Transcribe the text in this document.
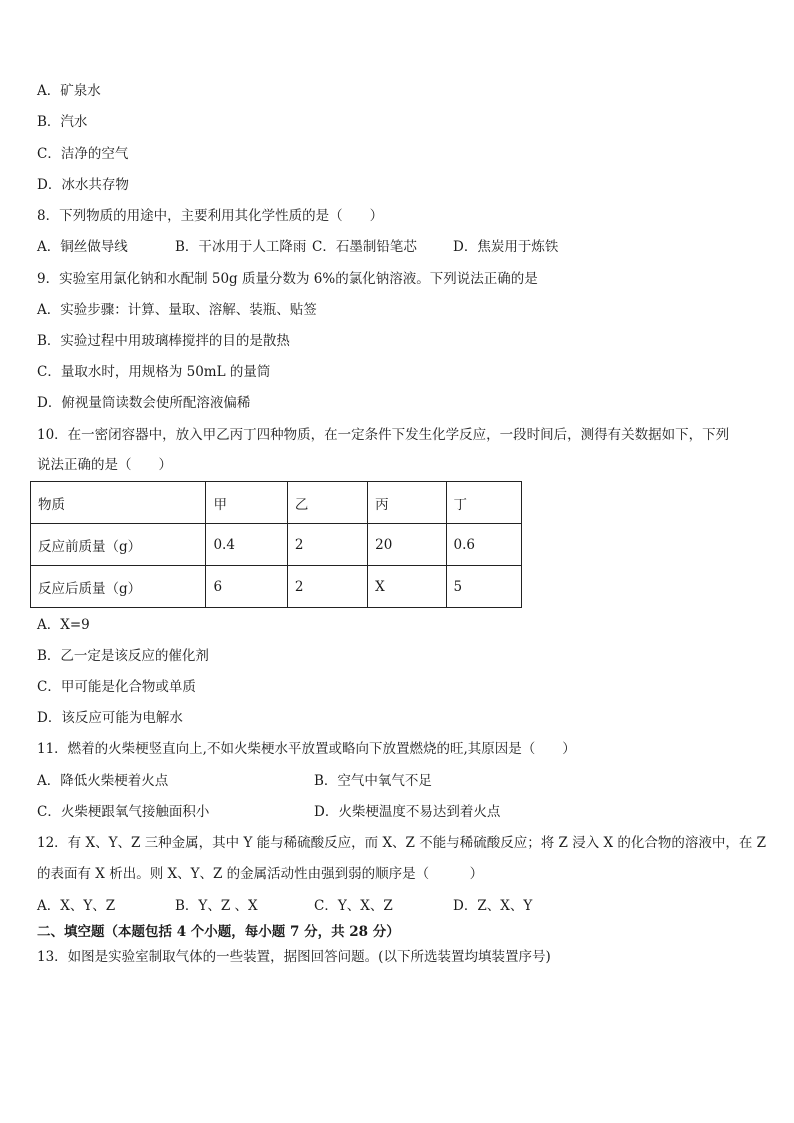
A．矿泉水
B．汽水
C．洁净的空气
D．冰水共存物
8．下列物质的用途中，主要利用其化学性质的是（　　）
A．铜丝做导线	B．干冰用于人工降雨 C．石墨制铅笔芯	D．焦炭用于炼铁
9．实验室用氯化钠和水配制 50g 质量分数为 6%的氯化钠溶液。下列说法正确的是
A．实验步骤：计算、量取、溶解、装瓶、贴签
B．实验过程中用玻璃棒搅拌的目的是散热
C．量取水时，用规格为 50mL 的量筒
D．俯视量筒读数会使所配溶液偏稀
10．在一密闭容器中，放入甲乙丙丁四种物质，在一定条件下发生化学反应，一段时间后，测得有关数据如下，下列
说法正确的是（　　）
物质	甲	乙	丙	丁
反应前质量（g）	0.4	2	20	0.6
反应后质量（g）	6	2	X	5
A．X=9
B．乙一定是该反应的催化剂
C．甲可能是化合物或单质
D．该反应可能为电解水
11．燃着的火柴梗竖直向上,不如火柴梗水平放置或略向下放置燃烧的旺,其原因是（　　）
A．降低火柴梗着火点	B．空气中氧气不足
C．火柴梗跟氧气接触面积小	D．火柴梗温度不易达到着火点
12．有 X、Y、Z 三种金属，其中 Y 能与稀硫酸反应，而 X、Z 不能与稀硫酸反应；将 Z 浸入 X 的化合物的溶液中，在 Z
的表面有 X 析出。则 X、Y、Z 的金属活动性由强到弱的顺序是（　　　）
A．X、Y、Z	B．Y、Z 、X	C．Y、X、Z	D．Z、X、Y
二、填空题（本题包括 4 个小题，每小题 7 分，共 28 分）
13．如图是实验室制取气体的一些装置，据图回答问题。(以下所选装置均填装置序号)
